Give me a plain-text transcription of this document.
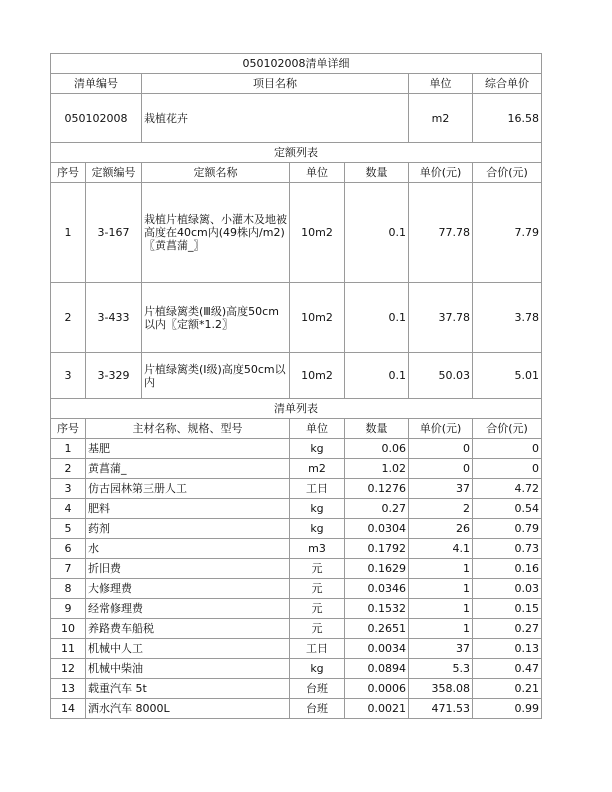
050102008清单详细						
清单编号		项目名称			单位	综合单价
050102008		栽植花卉			m2	16.58
定额列表						
序号	定额编号	定额名称	单位	数量	单价(元)	合价(元)
1	3-167	栽植片植绿篱、小灌木及地被高度在40cm内(49株内/m2)〖黄菖蒲_〗	10m2	0.1	77.78	7.79
2	3-433	片植绿篱类(Ⅲ级)高度50cm以内〖定额*1.2〗	10m2	0.1	37.78	3.78
3	3-329	片植绿篱类(Ⅰ级)高度50cm以内	10m2	0.1	50.03	5.01
清单列表						
序号	主材名称、规格、型号		单位	数量	单价(元)	合价(元)
1	基肥		kg	0.06	0	0
2	黄菖蒲_		m2	1.02	0	0
3	仿古园林第三册人工		工日	0.1276	37	4.72
4	肥料		kg	0.27	2	0.54
5	药剂		kg	0.0304	26	0.79
6	水		m3	0.1792	4.1	0.73
7	折旧费		元	0.1629	1	0.16
8	大修理费		元	0.0346	1	0.03
9	经常修理费		元	0.1532	1	0.15
10	养路费车船税		元	0.2651	1	0.27
11	机械中人工		工日	0.0034	37	0.13
12	机械中柴油		kg	0.0894	5.3	0.47
13	载重汽车 5t		台班	0.0006	358.08	0.21
14	洒水汽车 8000L		台班	0.0021	471.53	0.99
